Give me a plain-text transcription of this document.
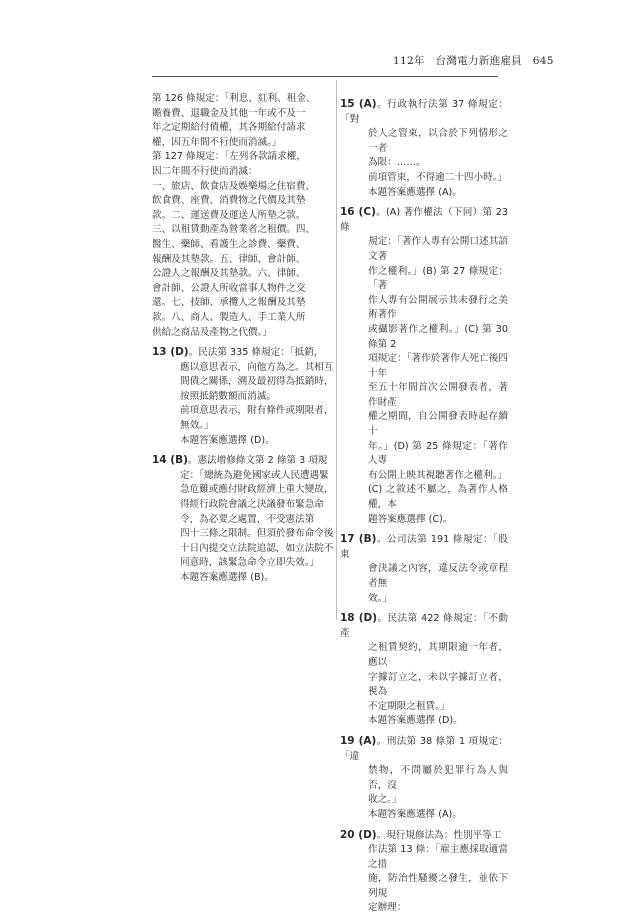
112年　台灣電力新進雇員　645
第 126 條規定：「利息、紅利、租金、
贍養費、退職金及其他一年或不及一
年之定期給付債權，其各期給付請求
權，因五年間不行使而消滅。」
第 127 條規定：「左列各款請求權，
因二年間不行使而消滅：
一、旅店、飲食店及娛樂場之住宿費、
飲食費、座費、消費物之代價及其墊
款。二、運送費及運送人所墊之款。
三、以租賃動產為營業者之租價。四、
醫生、藥師、看護生之診費、藥費、
報酬及其墊款。五、律師、會計師、
公證人之報酬及其墊款。六、律師、
會計師、公證人所收當事人物件之交
還。七、技師、承攬人之報酬及其墊
款。八、商人、製造人、手工業人所
供給之商品及產物之代價。」
13 (D)。民法第 335 條規定：「抵銷，
應以意思表示，向他方為之。其相互
間債之關係，溯及最初得為抵銷時，
按照抵銷數額而消滅。
前項意思表示，附有條件或期限者，
無效。」
本題答案應選擇 (D)。
14 (B)。憲法增修條文第 2 條第 3 項規
定：「總統為避免國家或人民遭遇緊
急危難或應付財政經濟上重大變故，
得經行政院會議之決議發布緊急命
令，為必要之處置，不受憲法第
四十三條之限制。但須於發布命令後
十日內提交立法院追認，如立法院不
同意時，該緊急命令立即失效。」
本題答案應選擇 (B)。
15 (A)。行政執行法第 37 條規定：「對
於人之管束，以合於下列情形之一者
為限：……。
前項管束，不得逾二十四小時。」
本題答案應選擇 (A)。
16 (C)。(A) 著作權法（下同）第 23 條
規定：「著作人專有公開口述其語文著
作之權利。」(B) 第 27 條規定：「著
作人專有公開展示其未發行之美術著作
或攝影著作之權利。」(C) 第 30 條第 2
項規定：「著作於著作人死亡後四十年
至五十年間首次公開發表者，著作財產
權之期間，自公開發表時起存續十
年。」(D) 第 25 條規定：「著作人專
有公開上映其視聽著作之權利。」
(C) 之敘述不屬之，為著作人格權，本
題答案應選擇 (C)。
17 (B)。公司法第 191 條規定：「股東
會決議之內容，違反法令或章程者無
效。」
18 (D)。民法第 422 條規定：「不動產
之租賃契約，其期限逾一年者，應以
字據訂立之，未以字據訂立者，視為
不定期限之租賃。」
本題答案應選擇 (D)。
19 (A)。刑法第 38 條第 1 項規定：「違
禁物，不問屬於犯罪行為人與否，沒
收之。」
本題答案應選擇 (A)。
20 (D)。現行規修法為：性別平等工
作法第 13 條：「雇主應採取適當之措
施，防治性騷擾之發生，並依下列規
定辦理：
